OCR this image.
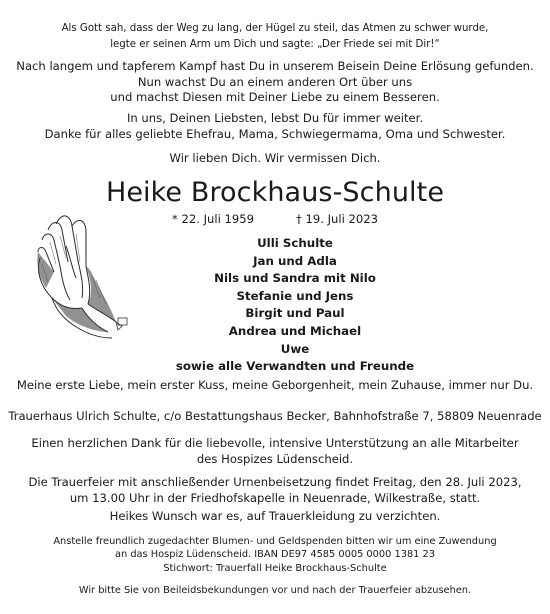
Als Gott sah, dass der Weg zu lang, der Hügel zu steil, das Atmen zu schwer wurde,
legte er seinen Arm um Dich und sagte: „Der Friede sei mit Dir!“
Nach langem und tapferem Kampf hast Du in unserem Beisein Deine Erlösung gefunden.
Nun wachst Du an einem anderen Ort über uns
und machst Diesen mit Deiner Liebe zu einem Besseren.
In uns, Deinen Liebsten, lebst Du für immer weiter.
Danke für alles geliebte Ehefrau, Mama, Schwiegermama, Oma und Schwester.
Wir lieben Dich. Wir vermissen Dich.
Heike Brockhaus-Schulte
* 22. Juli 1959	† 19. Juli 2023
Ulli Schulte
Jan und Adla
Nils und Sandra mit Nilo
Stefanie und Jens
Birgit und Paul
Andrea und Michael
Uwe
sowie alle Verwandten und Freunde
Meine erste Liebe, mein erster Kuss, meine Geborgenheit, mein Zuhause, immer nur Du.
Trauerhaus Ulrich Schulte, c/o Bestattungshaus Becker, Bahnhofstraße 7, 58809 Neuenrade
Einen herzlichen Dank für die liebevolle, intensive Unterstützung an alle Mitarbeiter
des Hospizes Lüdenscheid.
Die Trauerfeier mit anschließender Urnenbeisetzung findet Freitag, den 28. Juli 2023,
um 13.00 Uhr in der Friedhofskapelle in Neuenrade, Wilkestraße, statt.
Heikes Wunsch war es, auf Trauerkleidung zu verzichten.
Anstelle freundlich zugedachter Blumen- und Geldspenden bitten wir um eine Zuwendung
an das Hospiz Lüdenscheid. IBAN DE97 4585 0005 0000 1381 23
Stichwort: Trauerfall Heike Brockhaus-Schulte
Wir bitte Sie von Beileidsbekundungen vor und nach der Trauerfeier abzusehen.
